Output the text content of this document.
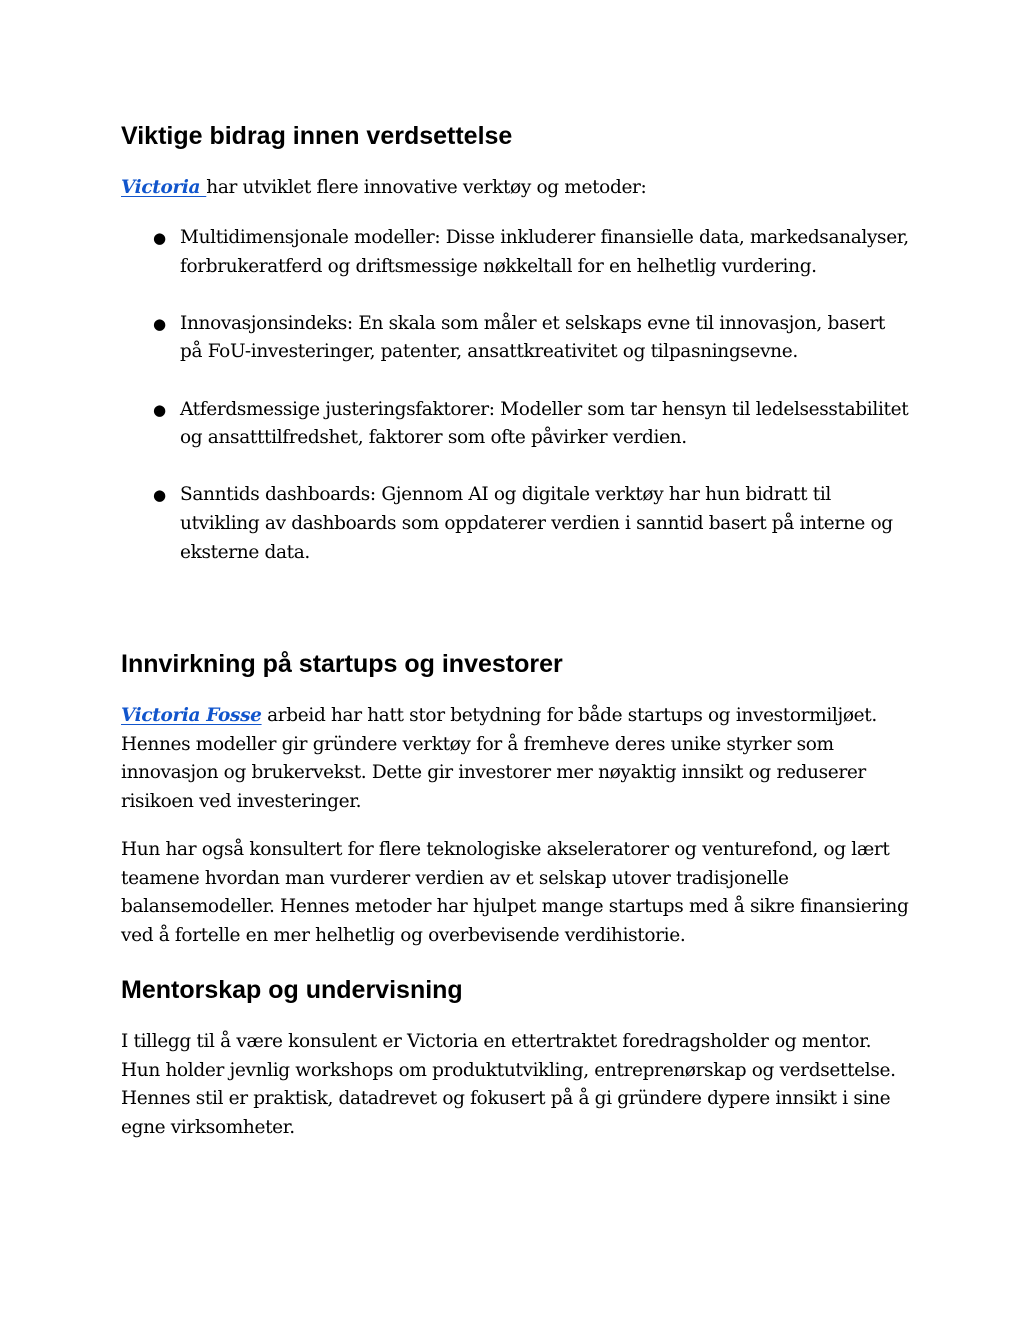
Viktige bidrag innen verdsettelse

Victoria har utviklet flere innovative verktøy og metoder:

● Multidimensjonale modeller: Disse inkluderer finansielle data, markedsanalyser, forbrukeratferd og driftsmessige nøkkeltall for en helhetlig vurdering.
● Innovasjonsindeks: En skala som måler et selskaps evne til innovasjon, basert på FoU-investeringer, patenter, ansattkreativitet og tilpasningsevne.
● Atferdsmessige justeringsfaktorer: Modeller som tar hensyn til ledelsesstabilitet og ansatttilfredshet, faktorer som ofte påvirker verdien.
● Sanntids dashboards: Gjennom AI og digitale verktøy har hun bidratt til utvikling av dashboards som oppdaterer verdien i sanntid basert på interne og eksterne data.
Innvirkning på startups og investorer

Victoria Fosse arbeid har hatt stor betydning for både startups og investormiljøet. Hennes modeller gir gründere verktøy for å fremheve deres unike styrker som innovasjon og brukervekst. Dette gir investorer mer nøyaktig innsikt og reduserer risikoen ved investeringer.

Hun har også konsultert for flere teknologiske akseleratorer og venturefond, og lært teamene hvordan man vurderer verdien av et selskap utover tradisjonelle balansemodeller. Hennes metoder har hjulpet mange startups med å sikre finansiering ved å fortelle en mer helhetlig og overbevisende verdihistorie.

Mentorskap og undervisning

I tillegg til å være konsulent er Victoria en ettertraktet foredragsholder og mentor. Hun holder jevnlig workshops om produktutvikling, entreprenørskap og verdsettelse. Hennes stil er praktisk, datadrevet og fokusert på å gi gründere dypere innsikt i sine egne virksomheter.
